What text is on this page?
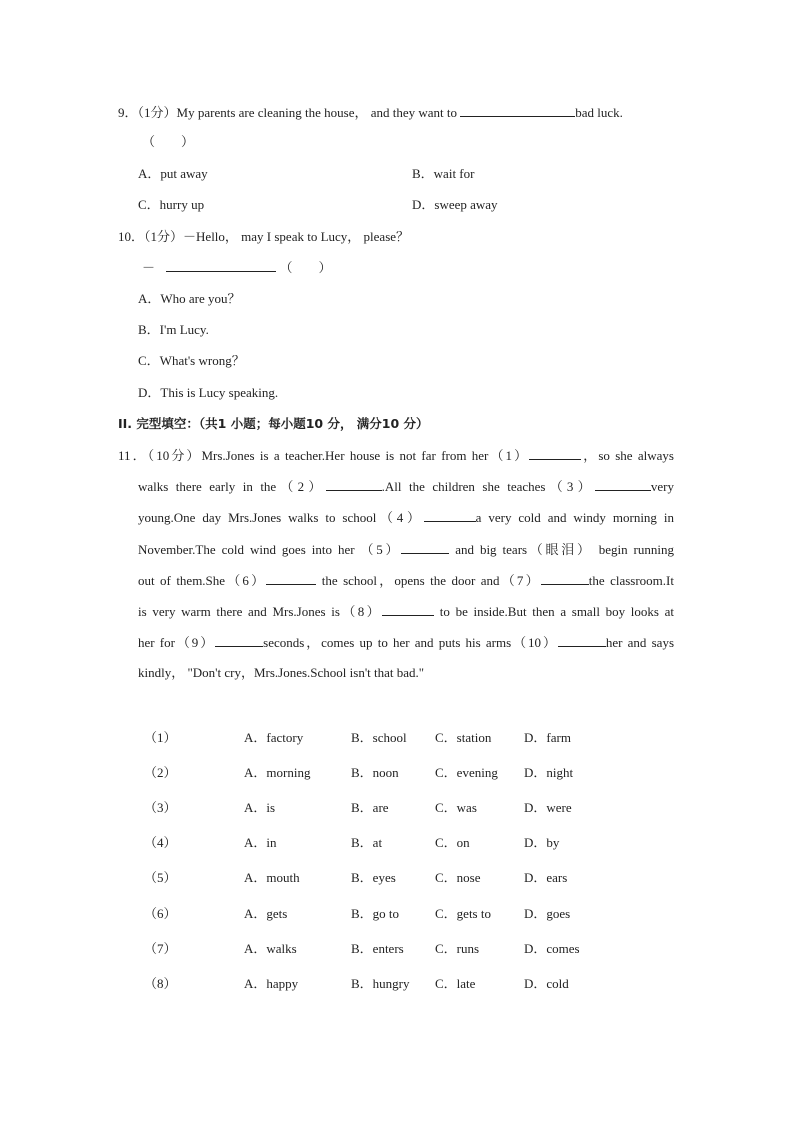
9．（1分）My parents are cleaning the house， and they want to	bad luck.
（　　）
A．put away	B．wait for
C．hurry up	D．sweep away
10．（1分）－Hello， may I speak to Lucy， please？
－	（　　）
A．Who are you？
B．I'm Lucy.
C．What's wrong？
D．This is Lucy speaking.
II. 完型填空：（共1 小题；每小题10 分， 满分10 分）
11．（10分）Mrs.Jones is a teacher.Her house is not far from her（1）	，so she always
walks there early in the（2）	.All the children she teaches（3）	very
young.One day Mrs.Jones walks to school（4）	a very cold and windy morning in
November.The cold wind goes into her （5）	and big tears（眼泪） begin running
out of them.She（6）	the school，opens the door and（7）	the classroom.It
is very warm there and Mrs.Jones is（8）	to be inside.But then a small boy looks at
her for（9）	seconds，comes up to her and puts his arms（10）	her and says
kindly， "Don't cry，Mrs.Jones.School isn't that bad."
（1）	A．factory	B．school C．station	D．farm
（2）	A．morning	B．noon	C．evening D．night
（3）	A．is	B．are	C．was	D．were
（4）	A．in	B．at	C．on	D．by
（5）	A．mouth	B．eyes	C．nose	D．ears
（6）	A．gets	B．go to	C．gets to	D．goes
（7）	A．walks	B．enters C．runs	D．comes
（8）	A．happy	B．hungry C．late	D．cold
